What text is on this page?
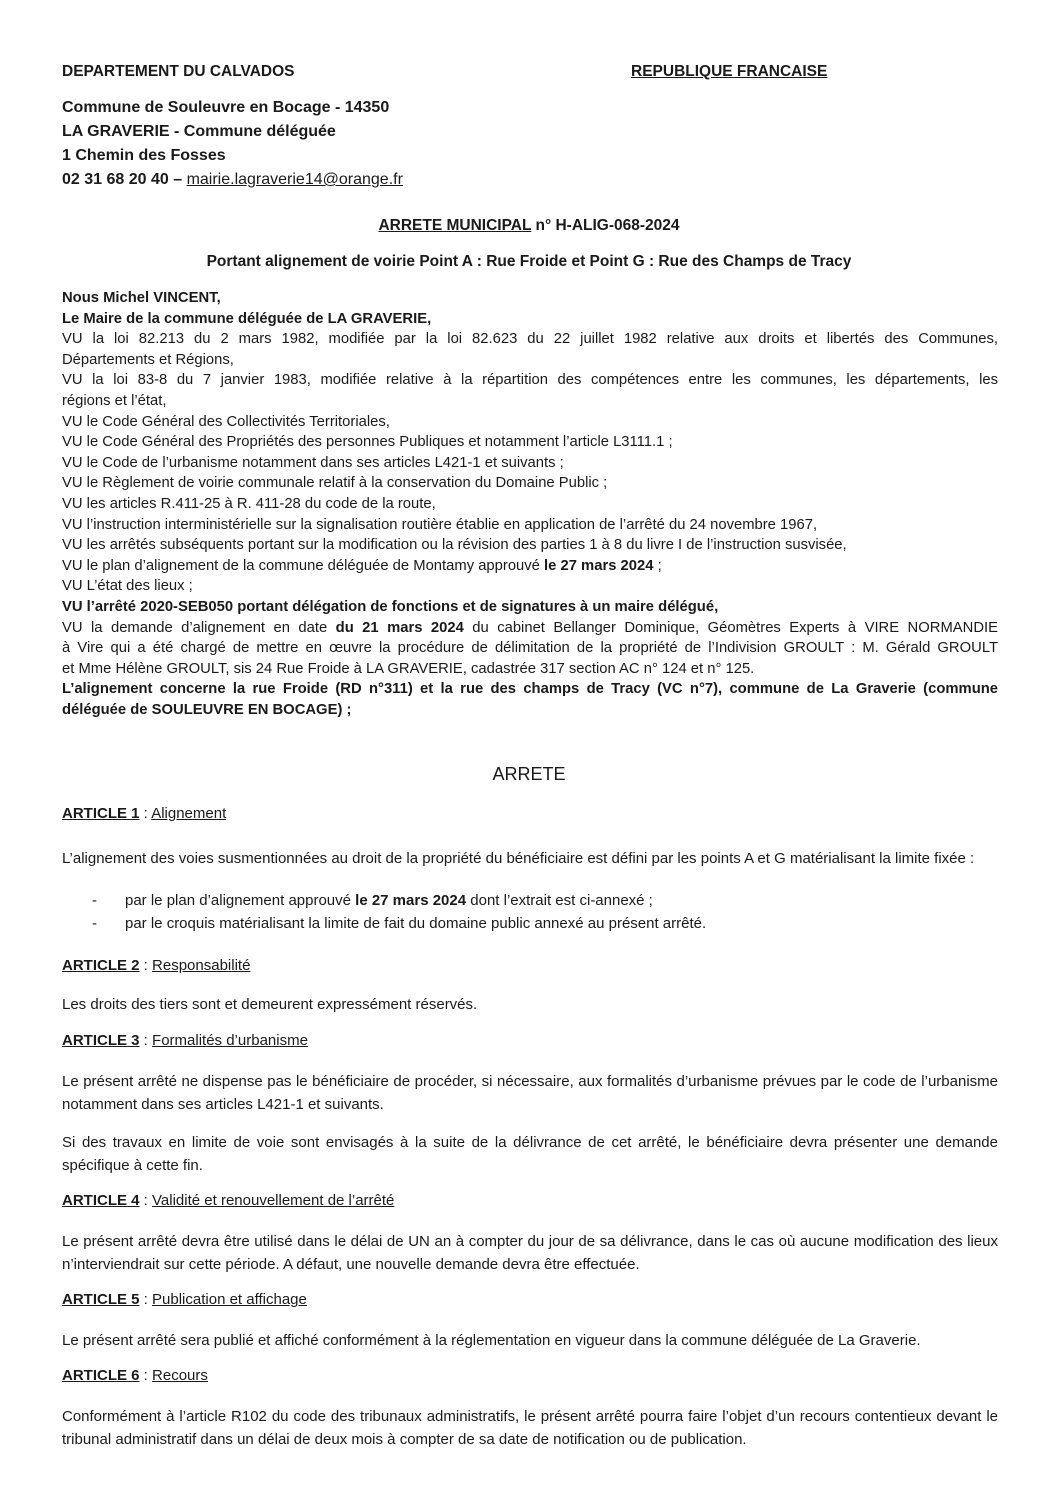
DEPARTEMENT DU CALVADOS	REPUBLIQUE FRANCAISE
Commune de Souleuvre en Bocage - 14350
LA GRAVERIE - Commune déléguée
1 Chemin des Fosses
02 31 68 20 40 – mairie.lagraverie14@orange.fr
ARRETE MUNICIPAL n° H-ALIG-068-2024
Portant alignement de voirie Point A : Rue Froide et Point G : Rue des Champs de Tracy
Nous Michel VINCENT,
Le Maire de la commune déléguée de LA GRAVERIE,
VU la loi 82.213 du 2 mars 1982, modifiée par la loi 82.623 du 22 juillet 1982 relative aux droits et libertés des Communes,
Départements et Régions,
VU la loi 83-8 du 7 janvier 1983, modifiée relative à la répartition des compétences entre les communes, les départements, les
régions et l’état,
VU le Code Général des Collectivités Territoriales,
VU le Code Général des Propriétés des personnes Publiques et notamment l’article L3111.1 ;
VU le Code de l’urbanisme notamment dans ses articles L421-1 et suivants ;
VU le Règlement de voirie communale relatif à la conservation du Domaine Public ;
VU les articles R.411-25 à R. 411-28 du code de la route,
VU l’instruction interministérielle sur la signalisation routière établie en application de l’arrêté du 24 novembre 1967,
VU les arrêtés subséquents portant sur la modification ou la révision des parties 1 à 8 du livre I de l’instruction susvisée,
VU le plan d’alignement de la commune déléguée de Montamy approuvé le 27 mars 2024 ;
VU L’état des lieux ;
VU l’arrêté 2020-SEB050 portant délégation de fonctions et de signatures à un maire délégué,
VU la demande d’alignement en date du 21 mars 2024 du cabinet Bellanger Dominique, Géomètres Experts à VIRE NORMANDIE
à Vire qui a été chargé de mettre en œuvre la procédure de délimitation de la propriété de l’Indivision GROULT : M. Gérald GROULT
et Mme Hélène GROULT, sis 24 Rue Froide à LA GRAVERIE, cadastrée 317 section AC n° 124 et n° 125.
L’alignement concerne la rue Froide (RD n°311) et la rue des champs de Tracy (VC n°7), commune de La Graverie (commune
déléguée de SOULEUVRE EN BOCAGE) ;
ARRETE
ARTICLE 1 : Alignement
L’alignement des voies susmentionnées au droit de la propriété du bénéficiaire est défini par les points A et G matérialisant la limite fixée :
- par le plan d’alignement approuvé le 27 mars 2024 dont l’extrait est ci-annexé ;
- par le croquis matérialisant la limite de fait du domaine public annexé au présent arrêté.
ARTICLE 2 : Responsabilité
Les droits des tiers sont et demeurent expressément réservés.
ARTICLE 3 : Formalités d’urbanisme
Le présent arrêté ne dispense pas le bénéficiaire de procéder, si nécessaire, aux formalités d’urbanisme prévues par le code de l’urbanisme notamment dans ses articles L421-1 et suivants.
Si des travaux en limite de voie sont envisagés à la suite de la délivrance de cet arrêté, le bénéficiaire devra présenter une demande spécifique à cette fin.
ARTICLE 4 : Validité et renouvellement de l’arrêté
Le présent arrêté devra être utilisé dans le délai de UN an à compter du jour de sa délivrance, dans le cas où aucune modification des lieux n’interviendrait sur cette période. A défaut, une nouvelle demande devra être effectuée.
ARTICLE 5 : Publication et affichage
Le présent arrêté sera publié et affiché conformément à la réglementation en vigueur dans la commune déléguée de La Graverie.
ARTICLE 6 : Recours
Conformément à l’article R102 du code des tribunaux administratifs, le présent arrêté pourra faire l’objet d’un recours contentieux devant le tribunal administratif dans un délai de deux mois à compter de sa date de notification ou de publication.
